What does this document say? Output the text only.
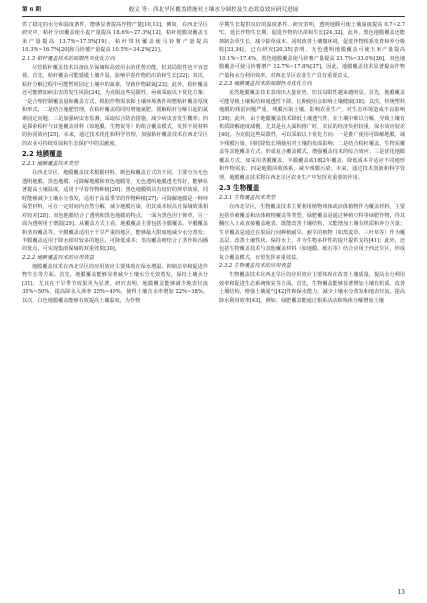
第 6 期	般文 等：西北旱区覆盖措施对土壤水分调控及生态效益效应研究进展

供了稳定的水分和温度条件，能够显著提高作物产量[10,12]。例如，在西北旱区研究中，秸秆全田覆盖使小麦产量提高 18.6%~27.3%[12]，秸秆地膜双覆盖玉米产量提高 13.7%~17.5%[19]，秸秆带状覆盖使马铃薯产量提高 10.3%~16.7%[20]和马铃薯产量提高 10.5%~34.2%[21]。

2.1.3 秸秆覆盖技术的局限性及优化方向

尽管秸秆覆盖技术具备抗旱保墒和高效用水的优势功能，但其局限性也不容忽视。首先，秸秆覆盖可能延缓土壤升温，影响早春作物的出苗和生长[22]；其次，秸秆分解过程中可能暂时固定土壤中的氮素，导致作物缺氮[23]；此外，秸秆覆盖还可能增加病虫害的发生风险[24]。为克服这些局限性，亟须采取以下优化方案：一是合理控制覆盖量和覆盖方式，根据作物需求和土壤环境条件调整秸秆覆盖厚度和形式；二是结合施肥管理，在秸秆覆盖的同时增施氮肥，缓解秸秆分解引起的氮素固定问题；三是加强病虫害监测，采取综合防治措施，减少病虫害发生概率；四是探索秸秆与其他覆盖材料（如地膜、生物炭等）的组合覆盖模式，发挥不同材料的协同效应[25]。未来，通过技术优化和科学管理，加强秸秆覆盖技术在西北旱区的农业可持续发展和生态保护中的贡献度。

2.2 地膜覆盖
2.2.1 地膜覆盖技术类型

在西北旱区，地膜覆盖技术根据材料、颜色和覆盖方式的不同，主要分为无色透明地膜、黑色地膜、可降解地膜和双色地膜等。无色透明地膜透光性好，能够显著提高土壤温度，适用于早春作物种植[26]；黑色地膜则具有较好的抑草效果，同时能够减少土壤水分蒸发，适用于高温季节的作物种植[27]；可降解地膜是一种环保型材料，可在一定时间内自然分解，减少地膜污染，但其成本较高且保墒效果相对较差[28]；双色地膜结合了透明和黑色地膜的特点，一面为黑色用于抑草，另一面为透明用于增温[29]。从覆盖方式上看，地膜覆盖主要包括全膜覆盖、半膜覆盖和垄沟覆盖等。全膜覆盖适用于干旱严重的地区，能够最大限度地减少水分蒸发；半膜覆盖适用于降水相对较多的地区，可降低成本；垄沟覆盖则结合了垄作和沟播的优点，可实现集雨保墒的双重效果[30]。

2.2.2 地膜覆盖技术的应用效益

地膜覆盖技术在西北旱区的应用效应主要体现在保水增温、抑制杂草和促进作物生长等方面。首先，地膜覆盖能够显著减少土壤水分无效蒸发，保持土壤水分[31]，尤其在干旱季节效果更为显著。研究表明，地膜覆盖能够减少地表径流 35%~50%，提高降水入渗率 25%~40%，使得土壤含水率增加 22%~38%。其次，白色地膜覆盖能够有效提高土壤温度，为作物

早期生长提供良好的温度条件。研究表明，透明地膜可使土壤温度提高 0.7~2.7 ℃，延长作物生长期，促进作物的出苗和生长[24,32]。此外，黑色地膜覆盖还能抑制杂草生长，减少除草成本。同时改善土壤微环境，促进作物根系发育和养分吸收[33,34]。已有研究[20,35]表明，无色透明地膜覆盖可使玉米产量提高 10.1%~17.4%，黑色地膜覆盖使马铃薯产量提高 21.7%~33.0%[36]，双色地膜覆盖可使马铃薯增产 12.7%~17.8%[37]。因此，地膜覆盖技术显著提高作物产量和水分利用效率，对西北旱区农业生产具有重要意义。

2.2.3 地膜覆盖技术的局限性及优化方向

虽然地膜覆盖技术表现出大量优势，但其局限性越来越明显。首先，地膜覆盖可能导致土壤板结和通透性下降，长期使用会影响土壤健康[38]；其次，传统塑料地膜的残留问题严重，残膜污染土壤、影响农业生产，对生态环境造成不良影响[39]；此外，由于地膜覆盖技术降低土壤透气性，在土壤中难以分解，导致土壤有机质降解速度减慢，尤其是在大面积推广时，农民的经济负担较重，保水效应较差[40]。为克服这些局限性，可以采取以下优化方向：一是推广使用可降解地膜，减少残膜污染，同时降低长期使用对土壤的负面影响；二是结合秸秆覆盖、生物炭覆盖等其他覆盖方式，形成复合覆盖模式，增强覆盖技术的综合效应；三是优化地膜覆盖方式，如采用垄膜覆盖、半膜覆盖或1膜2年覆盖，降低成本并适应不同地形和作物需求；四是地膜回收体系，减少残膜污染。未来，通过技术创新和科学管理，地膜覆盖技术将在西北旱区农业生产中发挥更重要的作用。

2.3 生物覆盖
2.3.1 生物覆盖技术类型

在西北旱区，生物覆盖技术主要利用植物残体或活体植物作为覆盖材料，主要包括草被覆盖和活体植物覆盖等类型。绿肥覆盖是通过种植豆科等绿肥作物，待其翻压入土或直接覆盖地表，既能改善土壤结构，又能增加土壤有机质和养分含量；生草覆盖是通过在果园行间种植耐旱、耐旱的植物（如黑麦草、三叶草等）作为覆盖层，改善土壤性状、保持水土，并为生物多样性的提升提供支持[41]；此外，还包括生物覆盖技术与其他覆盖材料（如地膜、砾石等）结合应用于西北旱区，形成复合覆盖模式，有望发挥多重效益。

2.3.2 生物覆盖技术的应用效益

生物覆盖技术在西北旱区的应用效应主要体现在改善土壤质量、提高水分利用效率和促进生态系统恢复等方面。首先，生物覆盖能够显著增加土壤有机质、改善土壤结构，增强土壤通气[42]性和保水能力，减少土壤水分蒸发和地表径流，提高降水利用效率[43]。例如，绿肥覆盖能通过根系活动和残体分解增加土壤

13
